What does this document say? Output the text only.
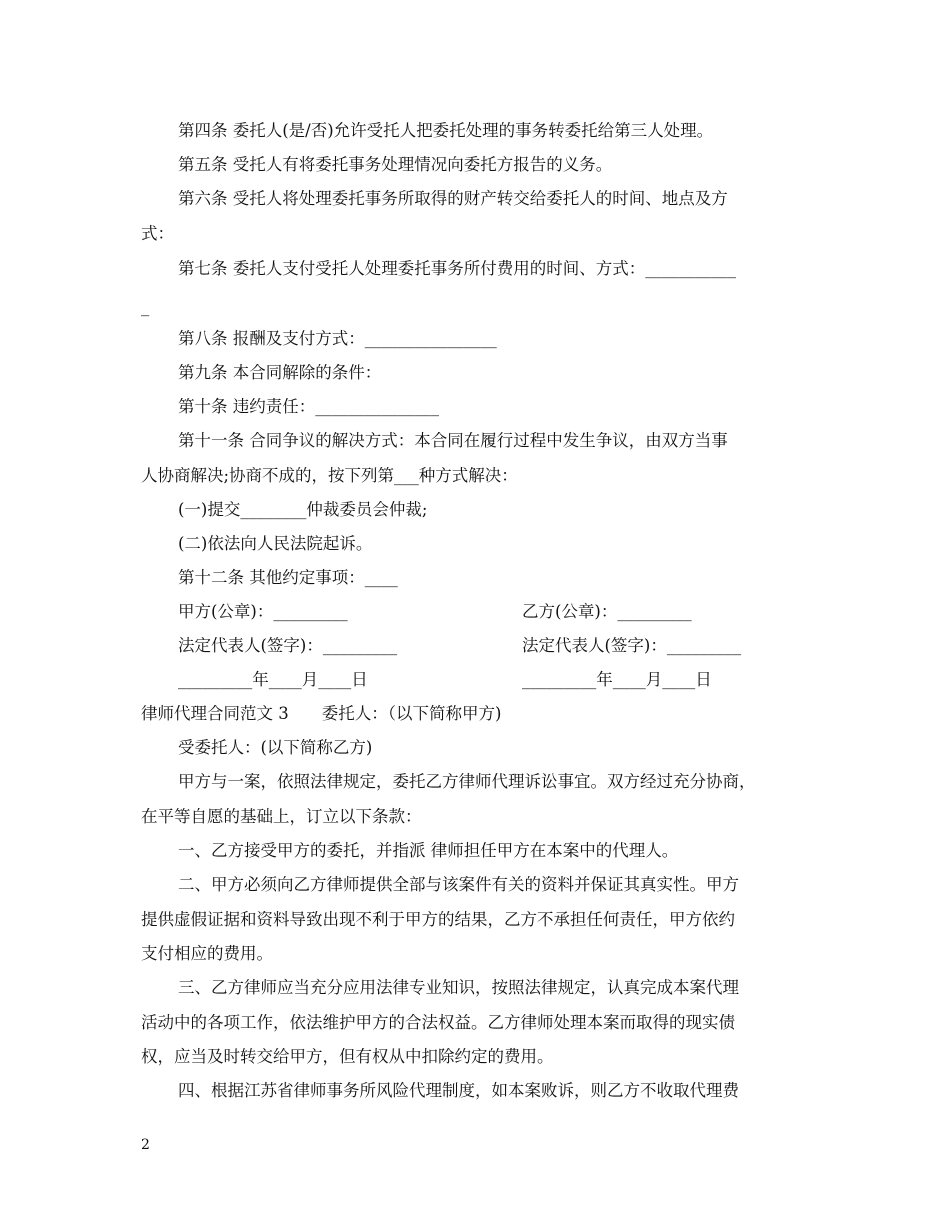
第四条 委托人(是/否)允许受托人把委托处理的事务转委托给第三人处理。
第五条 受托人有将委托事务处理情况向委托方报告的义务。
第六条 受托人将处理委托事务所取得的财产转交给委托人的时间、地点及方
式：
第七条 委托人支付受托人处理委托事务所付费用的时间、方式：___________
_
第八条 报酬及支付方式：________________
第九条 本合同解除的条件：
第十条 违约责任：_______________
第十一条 合同争议的解决方式：本合同在履行过程中发生争议，由双方当事
人协商解决;协商不成的，按下列第___种方式解决：
(一)提交________仲裁委员会仲裁;
(二)依法向人民法院起诉。
第十二条 其他约定事项：____
甲方(公章)：_________	乙方(公章)：_________
法定代表人(签字)：_________	法定代表人(签字)：_________
_________年____月____日	_________年____月____日
律师代理合同范文 3　　委托人：（以下简称甲方)
受委托人：(以下简称乙方)
甲方与一案，依照法律规定，委托乙方律师代理诉讼事宜。双方经过充分协商，
在平等自愿的基础上，订立以下条款：
一、乙方接受甲方的委托，并指派 律师担任甲方在本案中的代理人。
二、甲方必须向乙方律师提供全部与该案件有关的资料并保证其真实性。甲方
提供虚假证据和资料导致出现不利于甲方的结果，乙方不承担任何责任，甲方依约
支付相应的费用。
三、乙方律师应当充分应用法律专业知识，按照法律规定，认真完成本案代理
活动中的各项工作，依法维护甲方的合法权益。乙方律师处理本案而取得的现实债
权，应当及时转交给甲方，但有权从中扣除约定的费用。
四、根据江苏省律师事务所风险代理制度，如本案败诉，则乙方不收取代理费
2
